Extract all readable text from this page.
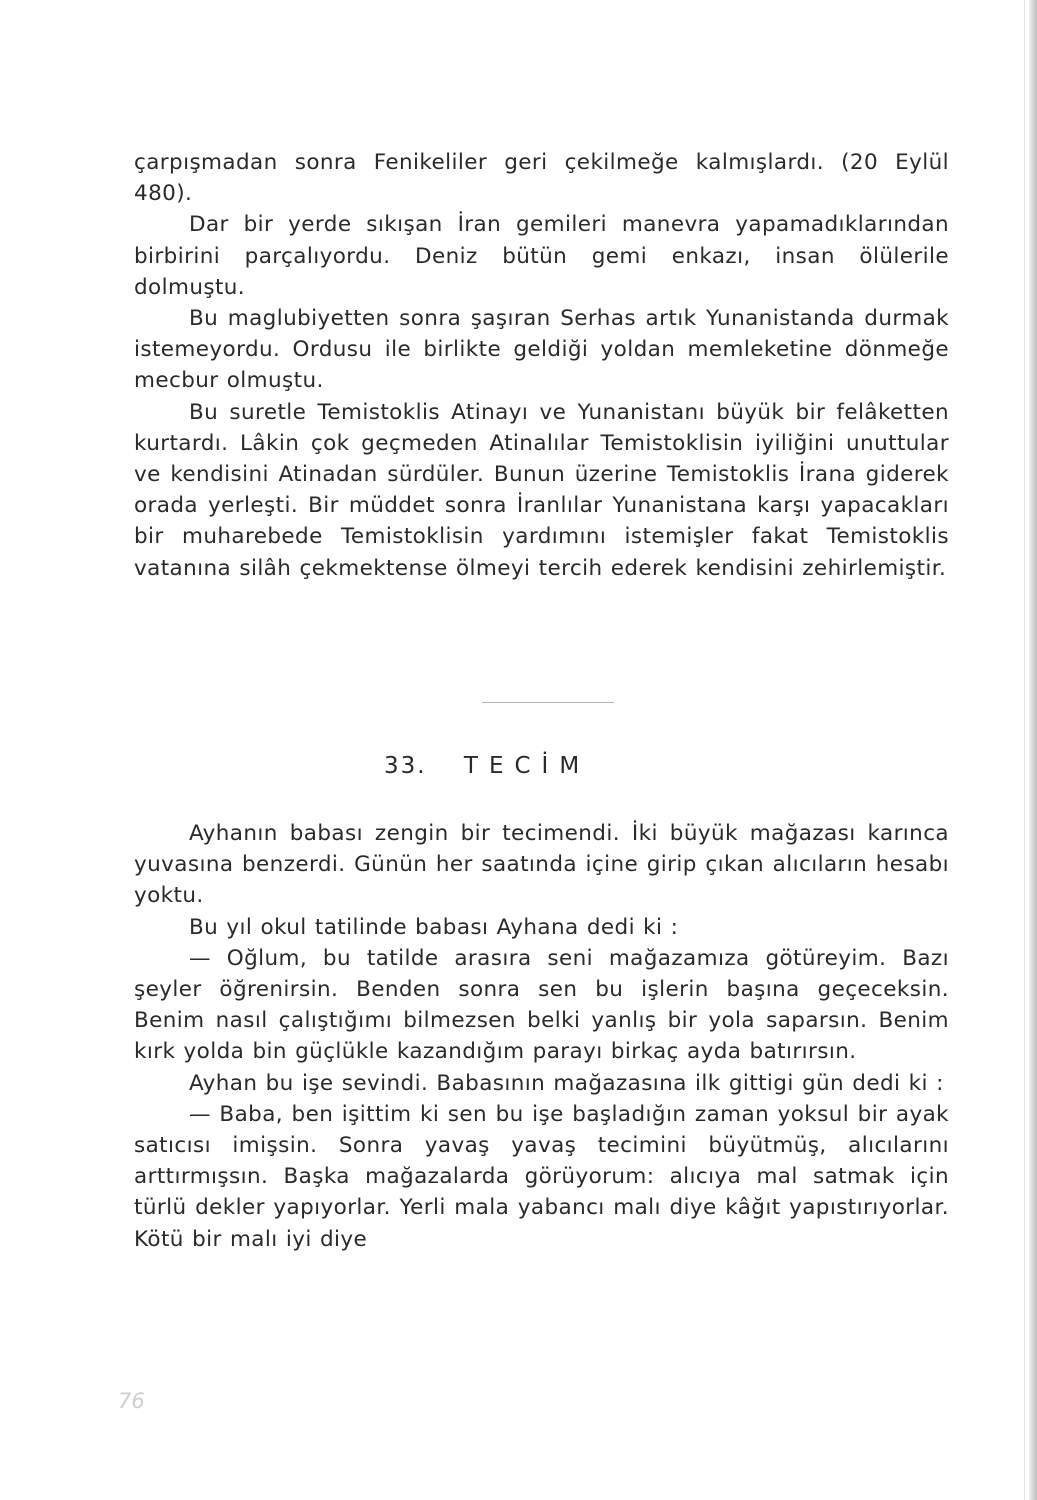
çarpışmadan sonra Fenikeliler geri çekilmeğe kalmışlardı. (20 Eylül 480).

Dar bir yerde sıkışan İran gemileri manevra yapamadıklarından birbirini parçalıyordu. Deniz bütün gemi enkazı, insan ölülerile dolmuştu.

Bu maglubiyetten sonra şaşıran Serhas artık Yunanistanda durmak istemeyordu. Ordusu ile birlikte geldiği yoldan memleketine dönmeğe mecbur olmuştu.

Bu suretle Temistoklis Atinayı ve Yunanistanı büyük bir felâketten kurtardı. Lâkin çok geçmeden Atinalılar Temistoklisin iyiliğini unuttular ve kendisini Atinadan sürdüler. Bunun üzerine Temistoklis İrana giderek orada yerleşti. Bir müddet sonra İranlılar Yunanistana karşı yapacakları bir muharebede Temistoklisin yardımını istemişler fakat Temistoklis vatanına silâh çekmektense ölmeyi tercih ederek kendisini zehirlemiştir.

33. TECİM

Ayhanın babası zengin bir tecimendi. İki büyük mağazası karınca yuvasına benzerdi. Günün her saatında içine girip çıkan alıcıların hesabı yoktu.

Bu yıl okul tatilinde babası Ayhana dedi ki :

— Oğlum, bu tatilde arasıra seni mağazamıza götüreyim. Bazı şeyler öğrenirsin. Benden sonra sen bu işlerin başına geçeceksin. Benim nasıl çalıştığımı bilmezsen belki yanlış bir yola saparsın. Benim kırk yolda bin güçlükle kazandığım parayı birkaç ayda batırırsın.

Ayhan bu işe sevindi. Babasının mağazasına ilk gittigi gün dedi ki :

— Baba, ben işittim ki sen bu işe başladığın zaman yoksul bir ayak satıcısı imişsin. Sonra yavaş yavaş tecimini büyütmüş, alıcılarını arttırmışsın. Başka mağazalarda görüyorum: alıcıya mal satmak için türlü dekler yapıyorlar. Yerli mala yabancı malı diye kâğıt yapıstırıyorlar. Kötü bir malı iyi diye

76
